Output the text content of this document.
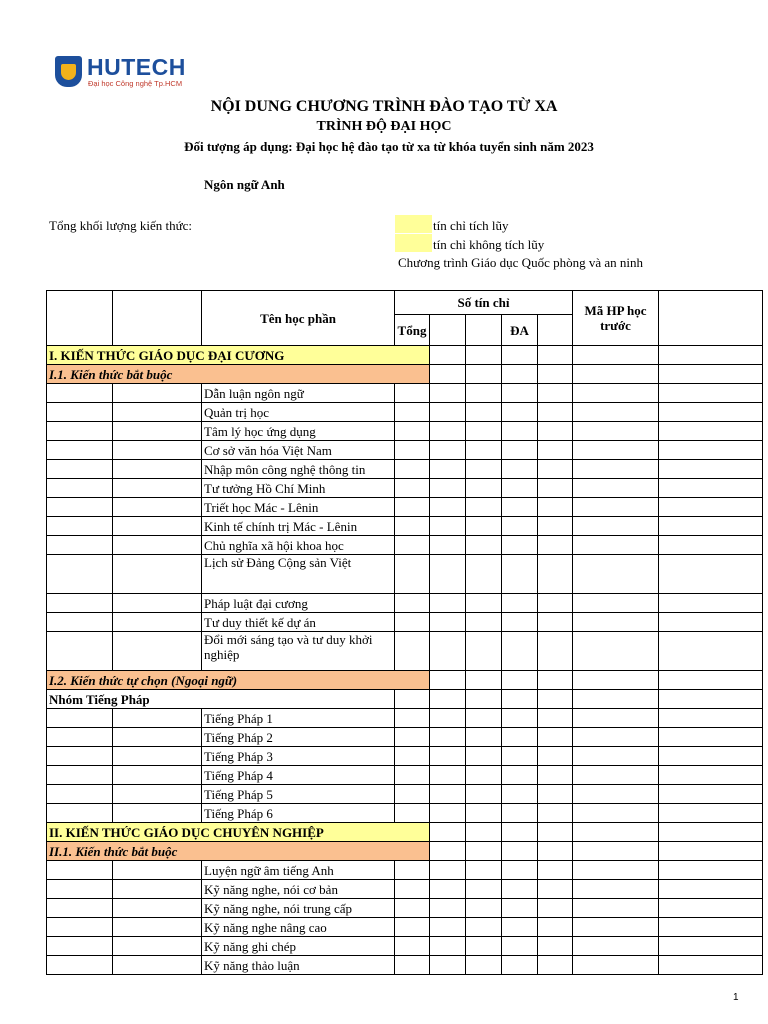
HUTECH
Đại học Công nghệ Tp.HCM
NỘI DUNG CHƯƠNG TRÌNH ĐÀO TẠO TỪ XA
TRÌNH ĐỘ ĐẠI HỌC
Đối tượng áp dụng: Đại học hệ đào tạo từ xa từ khóa tuyển sinh năm 2023
Ngôn ngữ Anh
Tổng khối lượng kiến thức:	tín chỉ tích lũy
tín chỉ không tích lũy
Chương trình Giáo dục Quốc phòng và an ninh
		Tên học phần	Số tín chỉ					Mã HP học trước	
			Tổng			ĐA			
I. KIẾN THỨC GIÁO DỤC ĐẠI CƯƠNG									
I.1. Kiến thức bắt buộc									
		Dẫn luận ngôn ngữ							
		Quản trị học							
		Tâm lý học ứng dụng							
		Cơ sở văn hóa Việt Nam							
		Nhập môn công nghệ thông tin							
		Tư tưởng Hồ Chí Minh							
		Triết học Mác - Lênin							
		Kinh tế chính trị Mác - Lênin							
		Chủ nghĩa xã hội khoa học							
		Lịch sử Đảng Cộng sản Việt							
		Pháp luật đại cương							
		Tư duy thiết kế dự án							
		Đổi mới sáng tạo và tư duy khởi nghiệp							
I.2. Kiến thức tự chọn (Ngoại ngữ)									
Nhóm Tiếng Pháp									
		Tiếng Pháp 1							
		Tiếng Pháp 2							
		Tiếng Pháp 3							
		Tiếng Pháp 4							
		Tiếng Pháp 5							
		Tiếng Pháp 6							
II. KIẾN THỨC GIÁO DỤC CHUYÊN NGHIỆP									
II.1. Kiến thức bắt buộc									
		Luyện ngữ âm tiếng Anh							
		Kỹ năng nghe, nói cơ bản							
		Kỹ năng nghe, nói trung cấp							
		Kỹ năng nghe nâng cao							
		Kỹ năng ghi chép							
		Kỹ năng thảo luận							
1
